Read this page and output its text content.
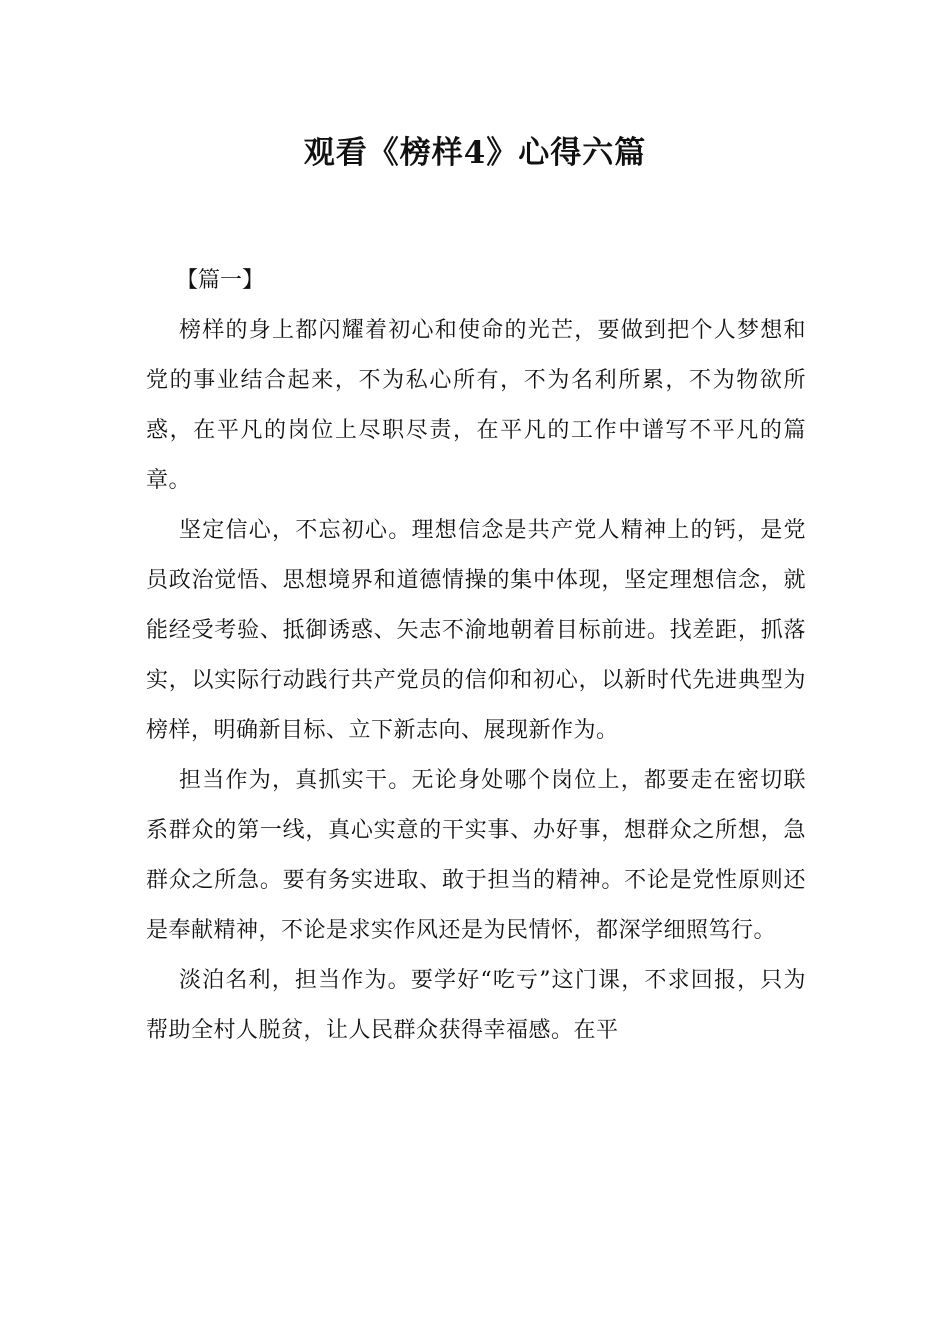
观看《榜样4》心得六篇

【篇一】

榜样的身上都闪耀着初心和使命的光芒，要做到把个人梦想和党的事业结合起来，不为私心所有，不为名利所累，不为物欲所惑，在平凡的岗位上尽职尽责，在平凡的工作中谱写不平凡的篇章。

坚定信心，不忘初心。理想信念是共产党人精神上的钙，是党员政治觉悟、思想境界和道德情操的集中体现，坚定理想信念，就能经受考验、抵御诱惑、矢志不渝地朝着目标前进。找差距，抓落实，以实际行动践行共产党员的信仰和初心，以新时代先进典型为榜样，明确新目标、立下新志向、展现新作为。

担当作为，真抓实干。无论身处哪个岗位上，都要走在密切联系群众的第一线，真心实意的干实事、办好事，想群众之所想，急群众之所急。要有务实进取、敢于担当的精神。不论是党性原则还是奉献精神，不论是求实作风还是为民情怀，都深学细照笃行。

淡泊名利，担当作为。要学好“吃亏”这门课，不求回报，只为帮助全村人脱贫，让人民群众获得幸福感。在平
